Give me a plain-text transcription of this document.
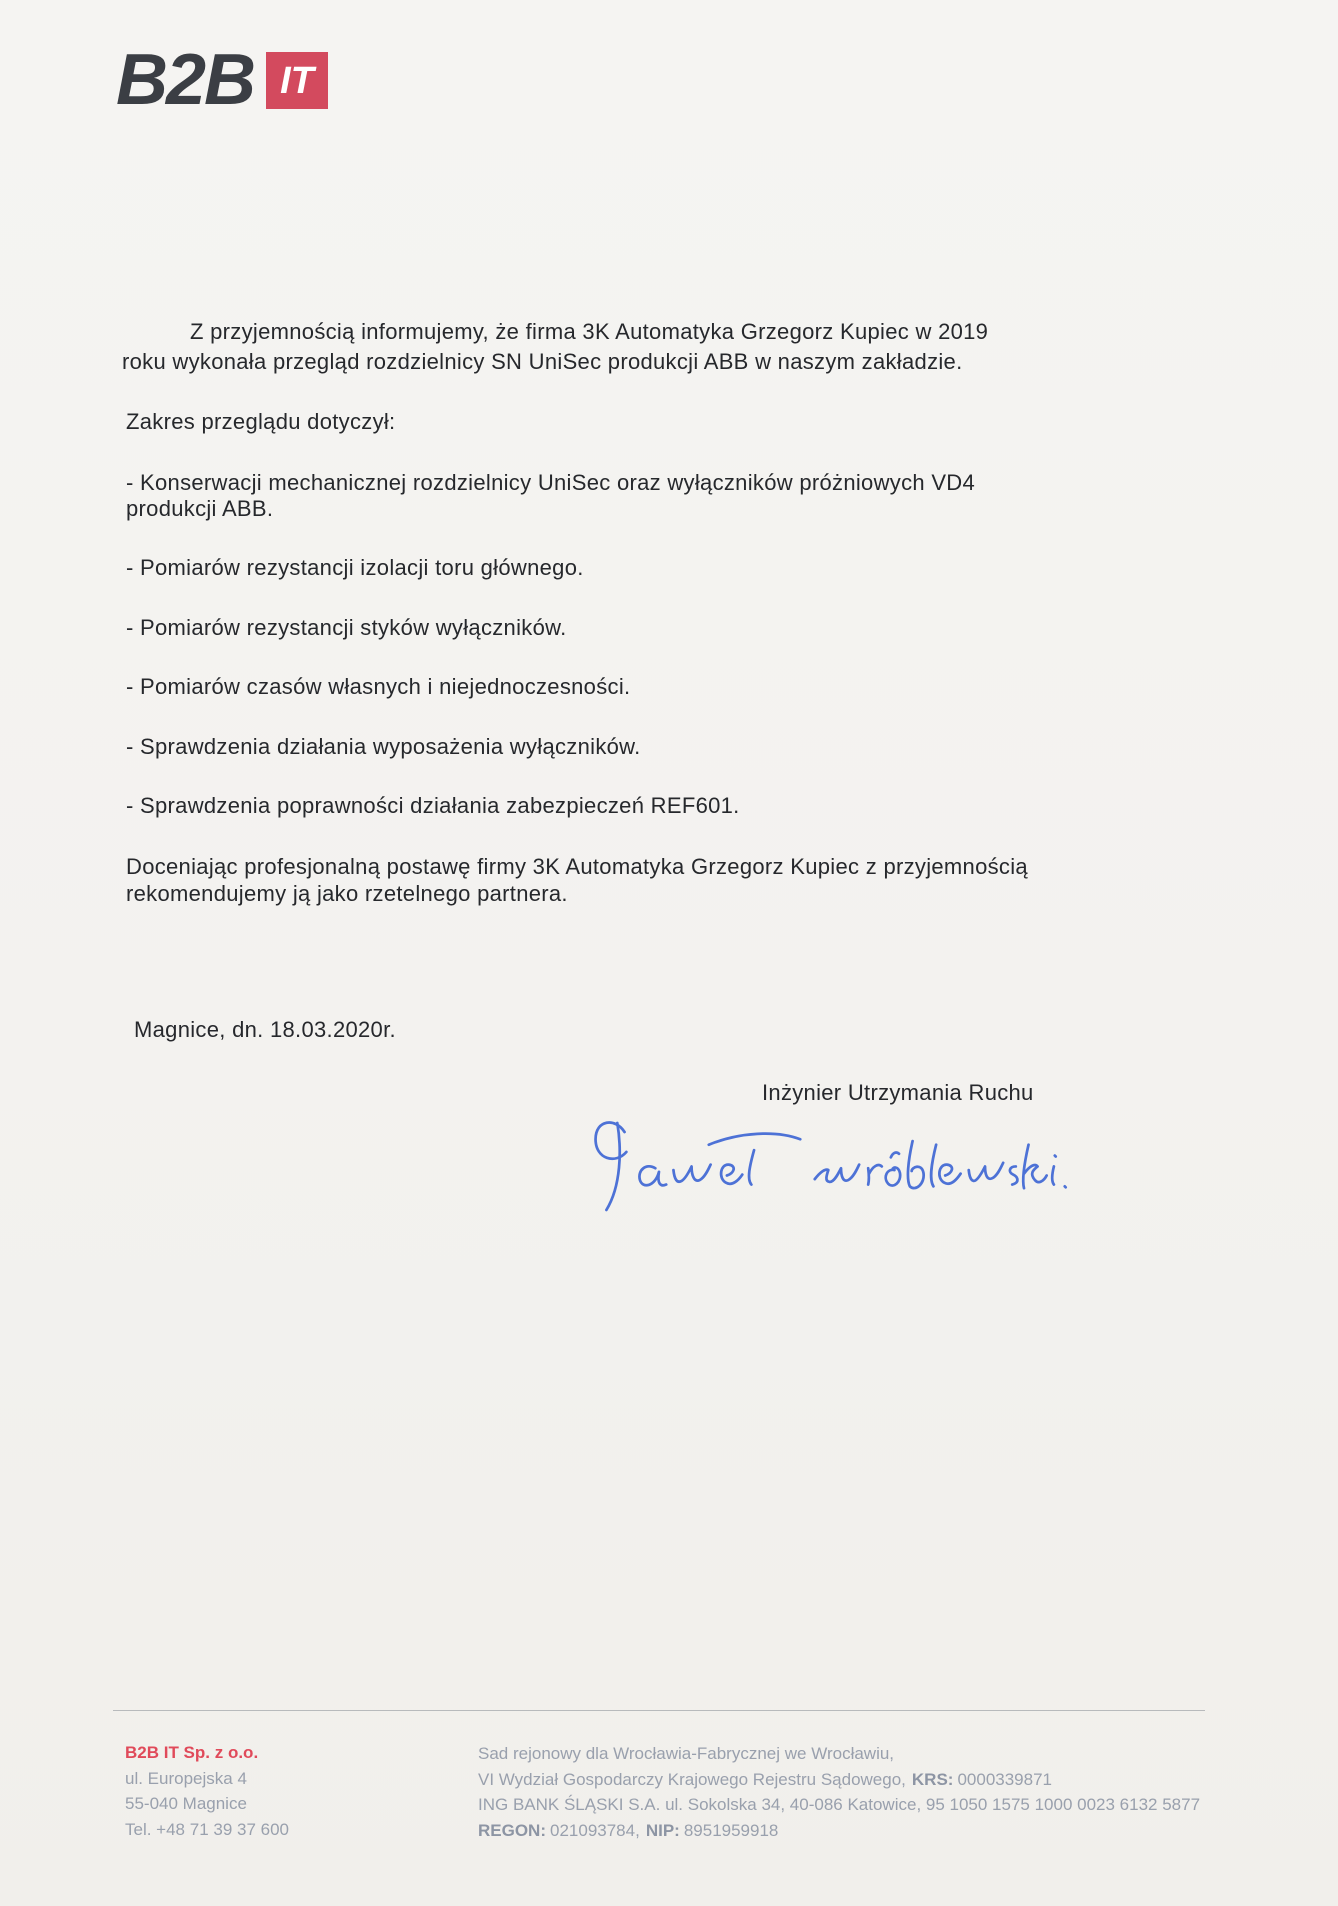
B2B IT
Z przyjemnością informujemy, że firma 3K Automatyka Grzegorz Kupiec w 2019
roku wykonała przegląd rozdzielnicy SN UniSec produkcji ABB w naszym zakładzie.
Zakres przeglądu dotyczył:
- Konserwacji mechanicznej rozdzielnicy UniSec oraz wyłączników próżniowych VD4
produkcji ABB.
- Pomiarów rezystancji izolacji toru głównego.
- Pomiarów rezystancji styków wyłączników.
- Pomiarów czasów własnych i niejednoczesności.
- Sprawdzenia działania wyposażenia wyłączników.
- Sprawdzenia poprawności działania zabezpieczeń REF601.
Doceniając profesjonalną postawę firmy 3K Automatyka Grzegorz Kupiec z przyjemnością
rekomendujemy ją jako rzetelnego partnera.
Magnice, dn. 18.03.2020r.
Inżynier Utrzymania Ruchu
B2B IT Sp. z o.o.
ul. Europejska 4
55-040 Magnice
Tel. +48 71 39 37 600
Sad rejonowy dla Wrocławia-Fabrycznej we Wrocławiu,
VI Wydział Gospodarczy Krajowego Rejestru Sądowego, KRS: 0000339871
ING BANK ŚLĄSKI S.A. ul. Sokolska 34, 40-086 Katowice, 95 1050 1575 1000 0023 6132 5877
REGON: 021093784, NIP: 8951959918
